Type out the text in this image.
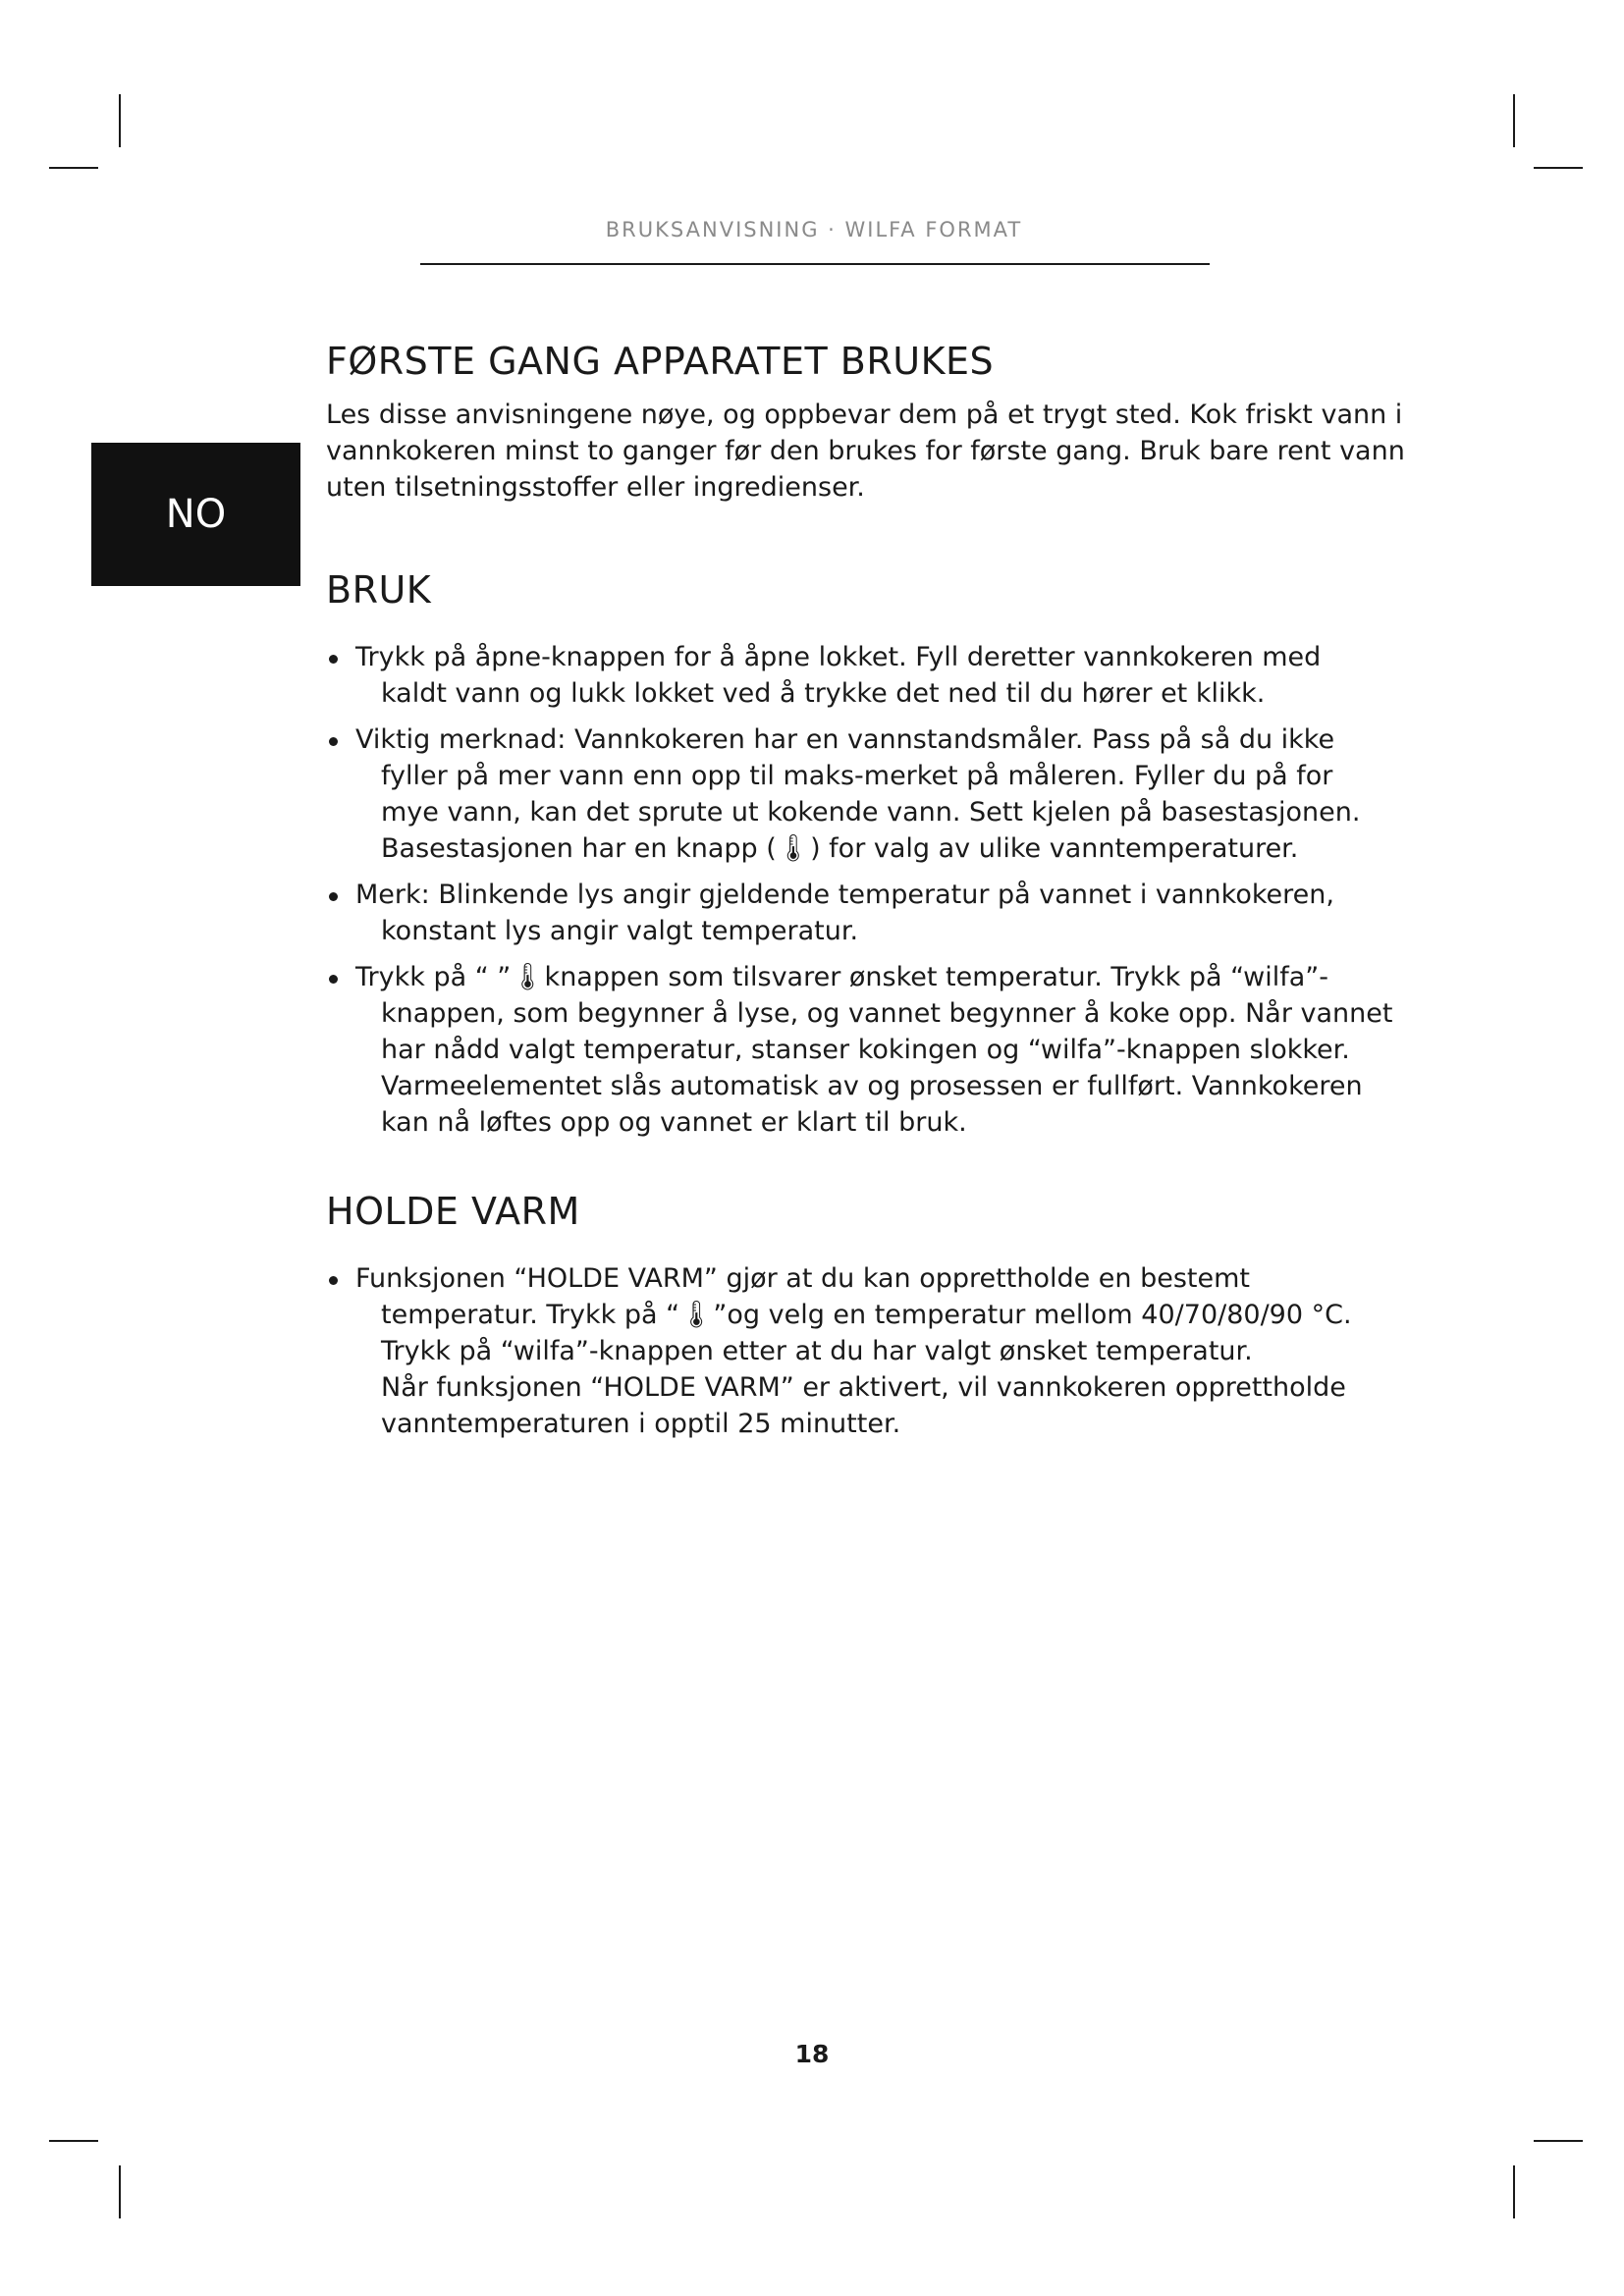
BRUKSANVISNING · WILFA FORMAT
NO
FØRSTE GANG APPARATET BRUKES

Les disse anvisningene nøye, og oppbevar dem på et trygt sted. Kok friskt vann i
vannkokeren minst to ganger før den brukes for første gang. Bruk bare rent vann
uten tilsetningsstoffer eller ingredienser.

BRUK
Trykk på åpne-knappen for å åpne lokket. Fyll deretter vannkokeren med
kaldt vann og lukk lokket ved å trykke det ned til du hører et klikk.
Viktig merknad: Vannkokeren har en vannstandsmåler. Pass på så du ikke
fyller på mer vann enn opp til maks-merket på måleren. Fyller du på for
mye vann, kan det sprute ut kokende vann. Sett kjelen på basestasjonen.
Basestasjonen har en knapp (🌡) for valg av ulike vanntemperaturer.
Merk: Blinkende lys angir gjeldende temperatur på vannet i vannkokeren,
konstant lys angir valgt temperatur.
Trykk på “ ”🌡knappen som tilsvarer ønsket temperatur. Trykk på “wilfa”-
knappen, som begynner å lyse, og vannet begynner å koke opp. Når vannet
har nådd valgt temperatur, stanser kokingen og “wilfa”-knappen slokker.
Varmeelementet slås automatisk av og prosessen er fullført. Vannkokeren
kan nå løftes opp og vannet er klart til bruk.
HOLDE VARM
Funksjonen “HOLDE VARM” gjør at du kan opprettholde en bestemt
temperatur. Trykk på “🌡”og velg en temperatur mellom 40/70/80/90 °C.
Trykk på “wilfa”-knappen etter at du har valgt ønsket temperatur.
Når funksjonen “HOLDE VARM” er aktivert, vil vannkokeren opprettholde
vanntemperaturen i opptil 25 minutter.
18
